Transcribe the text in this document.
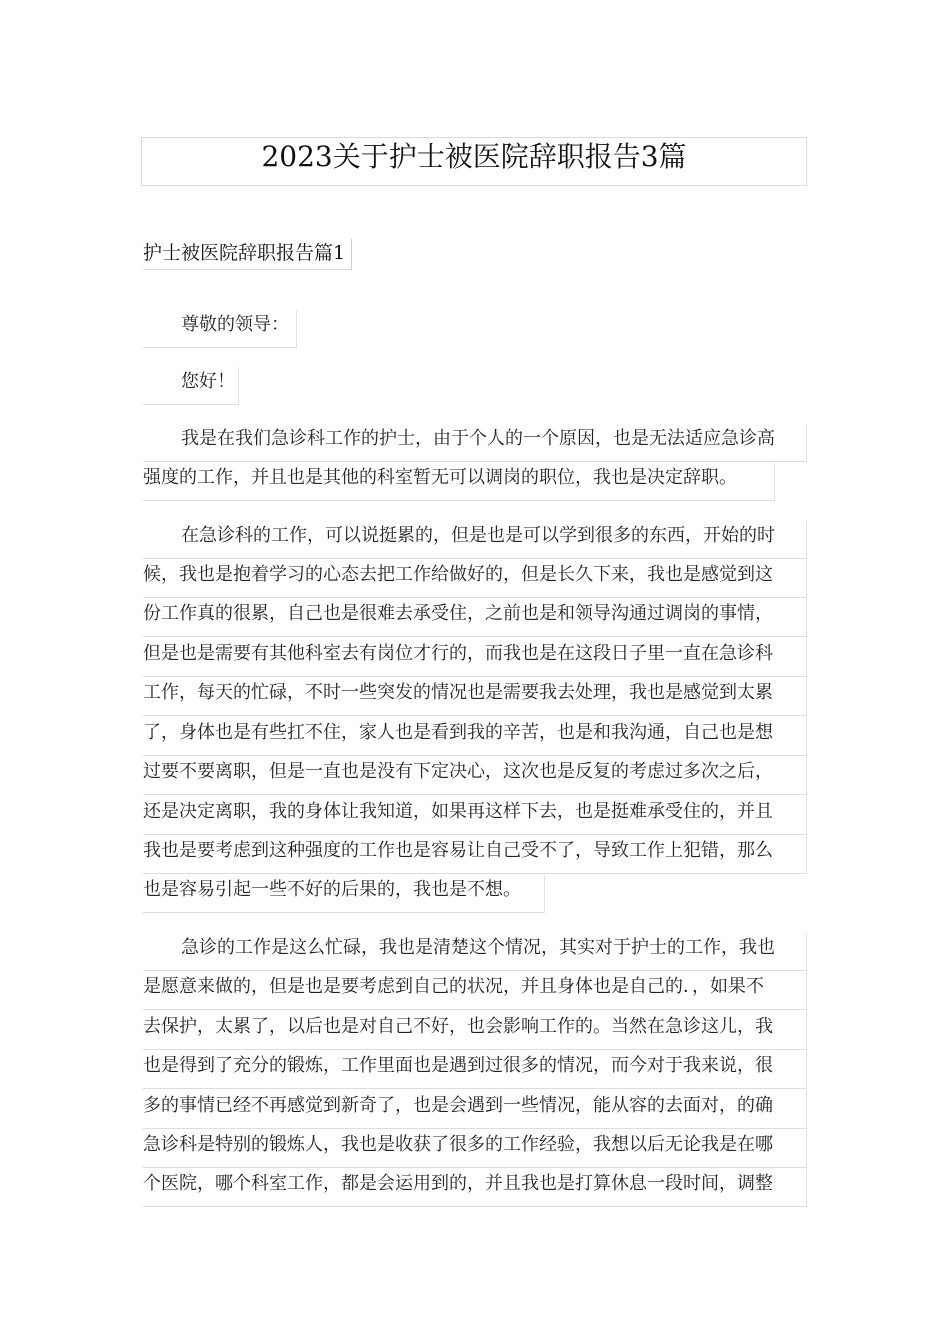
2023关于护士被医院辞职报告3篇
护士被医院辞职报告篇1
尊敬的领导：
您好！
我是在我们急诊科工作的护士，由于个人的一个原因，也是无法适应急诊高
强度的工作，并且也是其他的科室暂无可以调岗的职位，我也是决定辞职。
在急诊科的工作，可以说挺累的，但是也是可以学到很多的东西，开始的时
候，我也是抱着学习的心态去把工作给做好的，但是长久下来，我也是感觉到这
份工作真的很累，自己也是很难去承受住，之前也是和领导沟通过调岗的事情，
但是也是需要有其他科室去有岗位才行的，而我也是在这段日子里一直在急诊科
工作，每天的忙碌，不时一些突发的情况也是需要我去处理，我也是感觉到太累
了，身体也是有些扛不住，家人也是看到我的辛苦，也是和我沟通，自己也是想
过要不要离职，但是一直也是没有下定决心，这次也是反复的考虑过多次之后，
还是决定离职，我的身体让我知道，如果再这样下去，也是挺难承受住的，并且
我也是要考虑到这种强度的工作也是容易让自己受不了，导致工作上犯错，那么
也是容易引起一些不好的后果的，我也是不想。
急诊的工作是这么忙碌，我也是清楚这个情况，其实对于护士的工作，我也
是愿意来做的，但是也是要考虑到自己的状况，并且身体也是自己的．，如果不
去保护，太累了，以后也是对自己不好，也会影响工作的。当然在急诊这儿，我
也是得到了充分的锻炼，工作里面也是遇到过很多的情况，而今对于我来说，很
多的事情已经不再感觉到新奇了，也是会遇到一些情况，能从容的去面对，的确
急诊科是特别的锻炼人，我也是收获了很多的工作经验，我想以后无论我是在哪
个医院，哪个科室工作，都是会运用到的，并且我也是打算休息一段时间，调整
